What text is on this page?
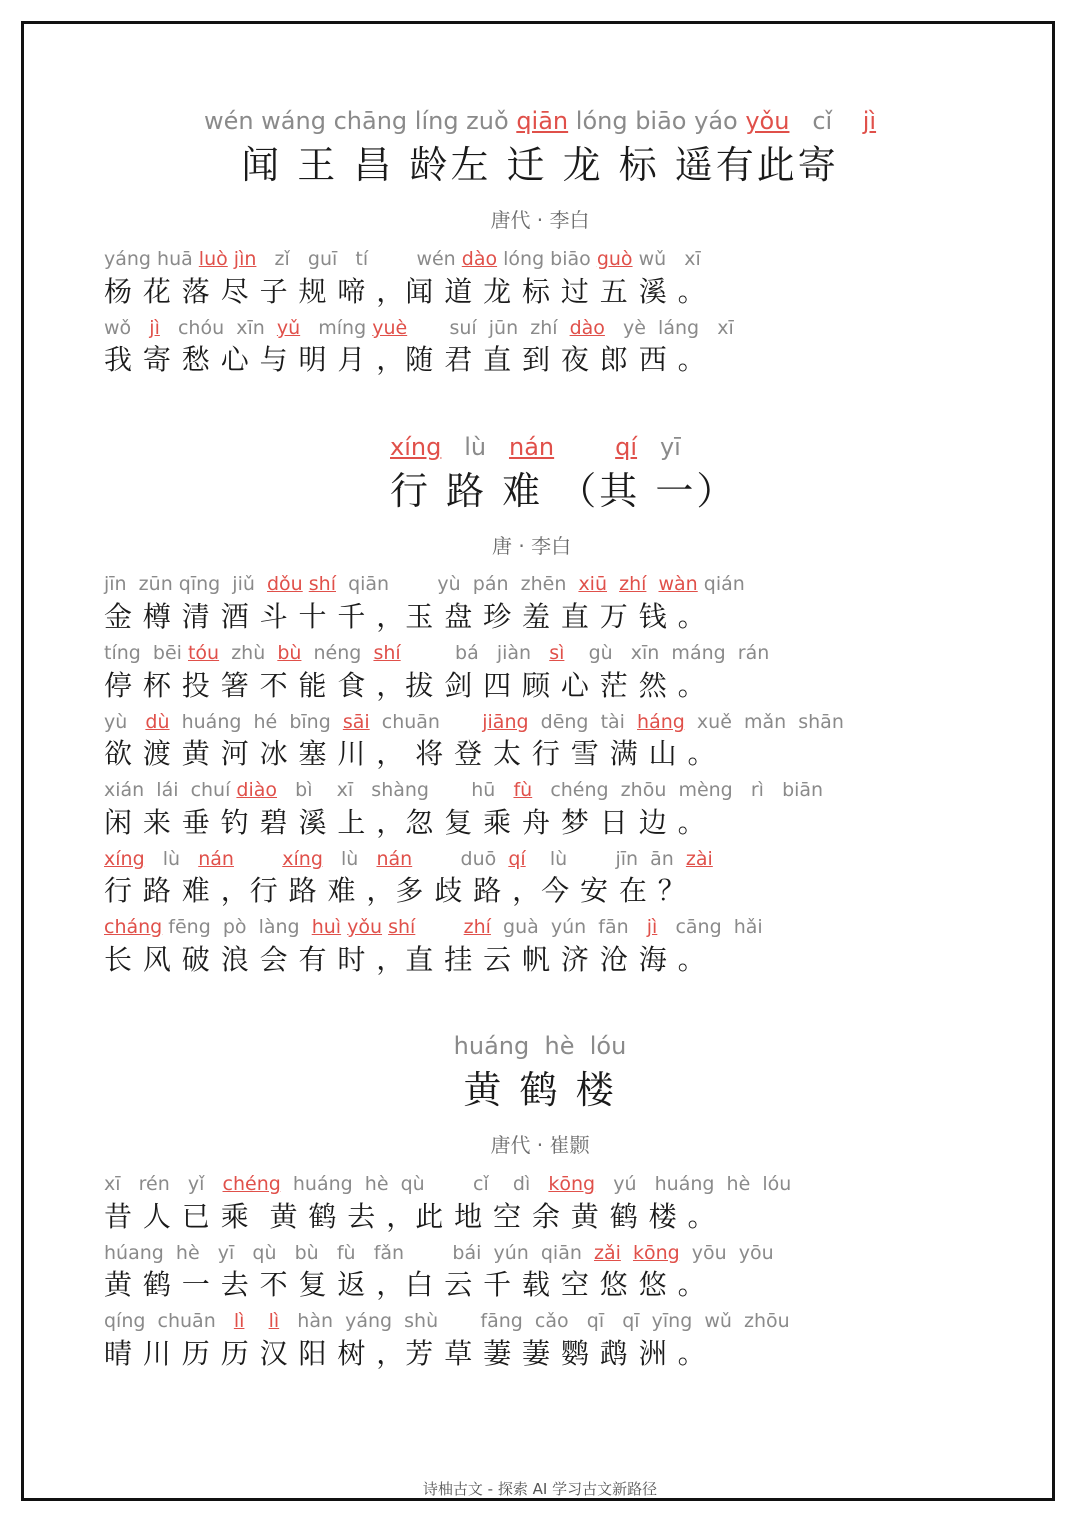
wén wáng chāng líng zuǒ qiān lóng biāo yáo yǒu   cǐ    jì
闻 王 昌 龄左 迁 龙 标 遥有此寄
唐代 · 李白
yáng huā luò jìn   zǐ   guī   tí        wén dào lóng biāo guò wǔ   xī
杨 花 落 尽 子 规 啼 ，闻 道 龙 标 过 五 溪 。
wǒ   jì   chóu  xīn  yǔ   míng yuè       suí  jūn  zhí  dào   yè  láng   xī
我 寄 愁 心 与 明 月 ，随 君 直 到 夜 郎 西 。
xíng   lù   nán	qí   yī
行 路 难 （其 一）
唐 · 李白
jīn  zūn qīng  jiǔ  dǒu shí  qiān        yù  pán  zhēn  xiū zhí wàn qián
金 樽 清 酒 斗 十 千 ，玉 盘 珍 羞 直 万 钱 。
tíng  bēi tóu  zhù  bù  néng  shí         bá   jiàn   sì    gù   xīn  máng  rán
停 杯 投 箸 不 能 食 ，拔 剑 四 顾 心 茫 然 。
yù   dù  huáng  hé  bīng  sāi  chuān       jiāng  dēng  tài  háng  xuě  mǎn  shān
欲 渡 黄 河 冰 塞 川 ， 将 登 太 行 雪 满 山 。
xián  lái  chuí diào   bì    xī   shàng       hū   fù   chéng  zhōu  mèng   rì   biān
闲 来 垂 钓 碧 溪 上 ，忽 复 乘 舟 梦 日 边 。
xíng   lù   nán	xíng   lù   nán        duō  qí    lù        jīn  ān  zài
行 路 难 ，行 路 难 ，多 歧 路 ，今 安 在 ？
cháng fēng  pò  làng  huì yǒu shí	zhí  guà  yún  fān   jì   cāng  hǎi
长 风 破 浪 会 有 时 ，直 挂 云 帆 济 沧 海 。
huáng  hè  lóu
黄 鹤 楼
唐代 · 崔颢
xī   rén   yǐ   chéng  huáng  hè  qù        cǐ    dì   kōng   yú   huáng  hè  lóu
昔 人 已 乘  黄 鹤 去 ，此 地 空 余 黄 鹤 楼 。
húang  hè   yī   qù   bù   fù   fǎn        bái  yún  qiān  zǎi kōng  yōu  yōu
黄 鹤 一 去 不 复 返 ，白 云 千 载 空 悠 悠 。
qíng  chuān   lì lì   hàn  yáng  shù       fāng  cǎo   qī   qī  yīng  wǔ  zhōu
晴 川 历 历 汉 阳 树 ，芳 草 萋 萋 鹦 鹉 洲 。
诗柚古文 - 探索 AI 学习古文新路径
